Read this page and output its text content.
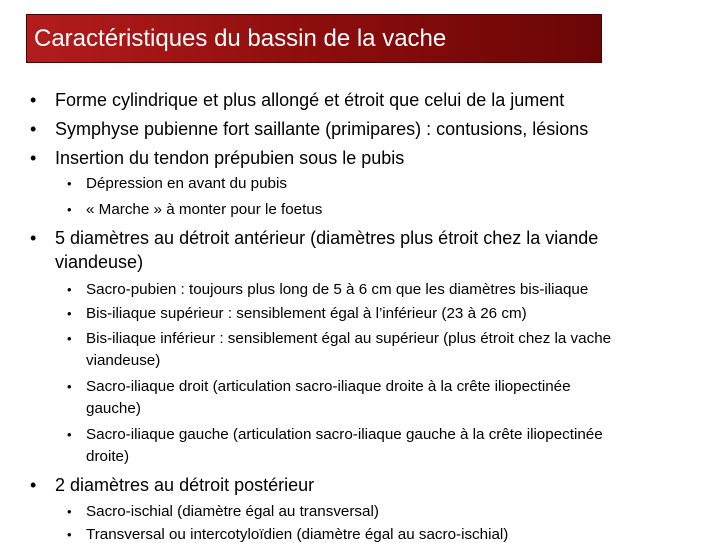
Caractéristiques du bassin de la vache
• Forme cylindrique et plus allongé et étroit que celui de la jument
• Symphyse pubienne fort saillante (primipares) : contusions, lésions
• Insertion du tendon prépubien sous le pubis
• Dépression en avant du pubis
• « Marche » à monter pour le foetus
• 5 diamètres au détroit antérieur (diamètres plus étroit chez la viande
viandeuse)
• Sacro-pubien : toujours plus long de 5 à 6 cm que les diamètres bis-iliaque
• Bis-iliaque supérieur : sensiblement égal à l’inférieur (23 à 26 cm)
• Bis-iliaque inférieur : sensiblement égal au supérieur (plus étroit chez la vache
viandeuse)
• Sacro-iliaque droit (articulation sacro-iliaque droite à la crête iliopectinée
gauche)
• Sacro-iliaque gauche (articulation sacro-iliaque gauche à la crête iliopectinée
droite)
• 2 diamètres au détroit postérieur
• Sacro-ischial (diamètre égal au transversal)
• Transversal ou intercotyloïdien (diamètre égal au sacro-ischial)
